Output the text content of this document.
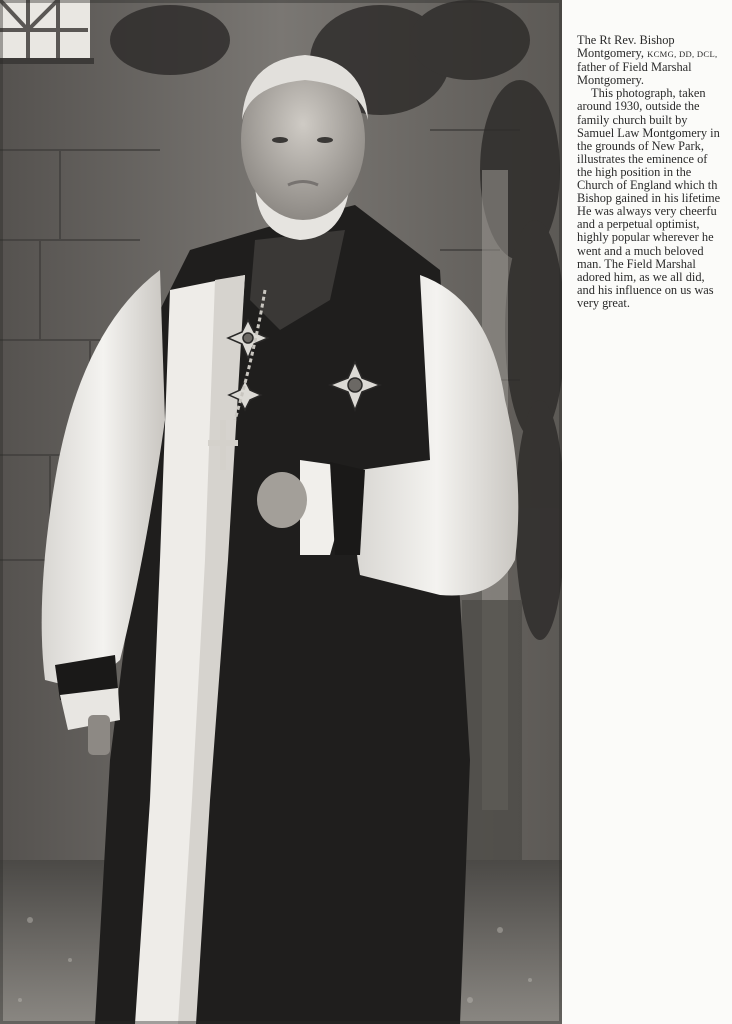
The Rt Rev. Bishop
Montgomery, KCMG, DD, DCL,
father of Field Marshal
Montgomery.
This photograph, taken
around 1930, outside the
family church built by
Samuel Law Montgomery in
the grounds of New Park,
illustrates the eminence of
the high position in the
Church of England which th
Bishop gained in his lifetime
He was always very cheerfu
and a perpetual optimist,
highly popular wherever he
went and a much beloved
man. The Field Marshal
adored him, as we all did,
and his influence on us was
very great.
